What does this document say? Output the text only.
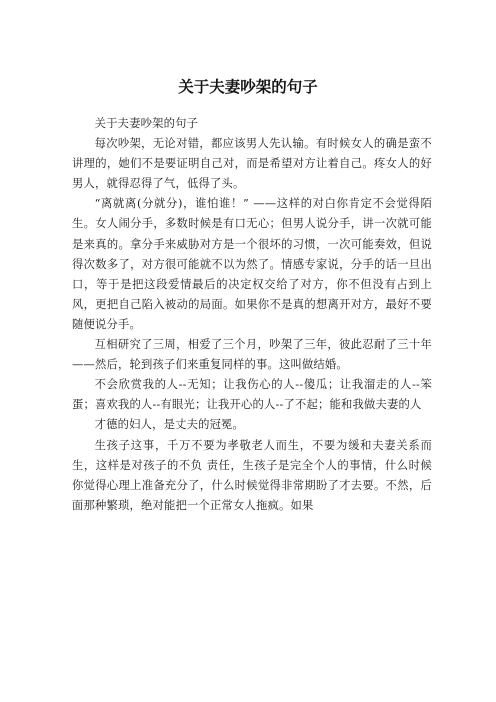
关于夫妻吵架的句子

关于夫妻吵架的句子

每次吵架，无论对错，都应该男人先认输。有时候女人的确是蛮不讲理的，她们不是要证明自己对，而是希望对方让着自己。疼女人的好男人，就得忍得了气，低得了头。

“离就离(分就分)，谁怕谁！” ——这样的对白你肯定不会觉得陌生。女人闹分手，多数时候是有口无心；但男人说分手，讲一次就可能是来真的。拿分手来威胁对方是一个很坏的习惯，一次可能奏效，但说得次数多了，对方很可能就不以为然了。情感专家说，分手的话一旦出口，等于是把这段爱情最后的决定权交给了对方，你不但没有占到上风，更把自己陷入被动的局面。如果你不是真的想离开对方，最好不要随便说分手。

互相研究了三周，相爱了三个月，吵架了三年，彼此忍耐了三十年——然后，轮到孩子们来重复同样的事。这叫做结婚。

不会欣赏我的人--无知；让我伤心的人--傻瓜；让我溜走的人--笨蛋；喜欢我的人--有眼光；让我开心的人--了不起；能和我做夫妻的人

才德的妇人，是丈夫的冠冕。

生孩子这事，千万不要为孝敬老人而生，不要为缓和夫妻关系而生，这样是对孩子的不负 责任，生孩子是完全个人的事情，什么时候你觉得心理上准备充分了，什么时候觉得非常期盼了才去要。不然，后面那种繁琐，绝对能把一个正常女人拖疯。如果
